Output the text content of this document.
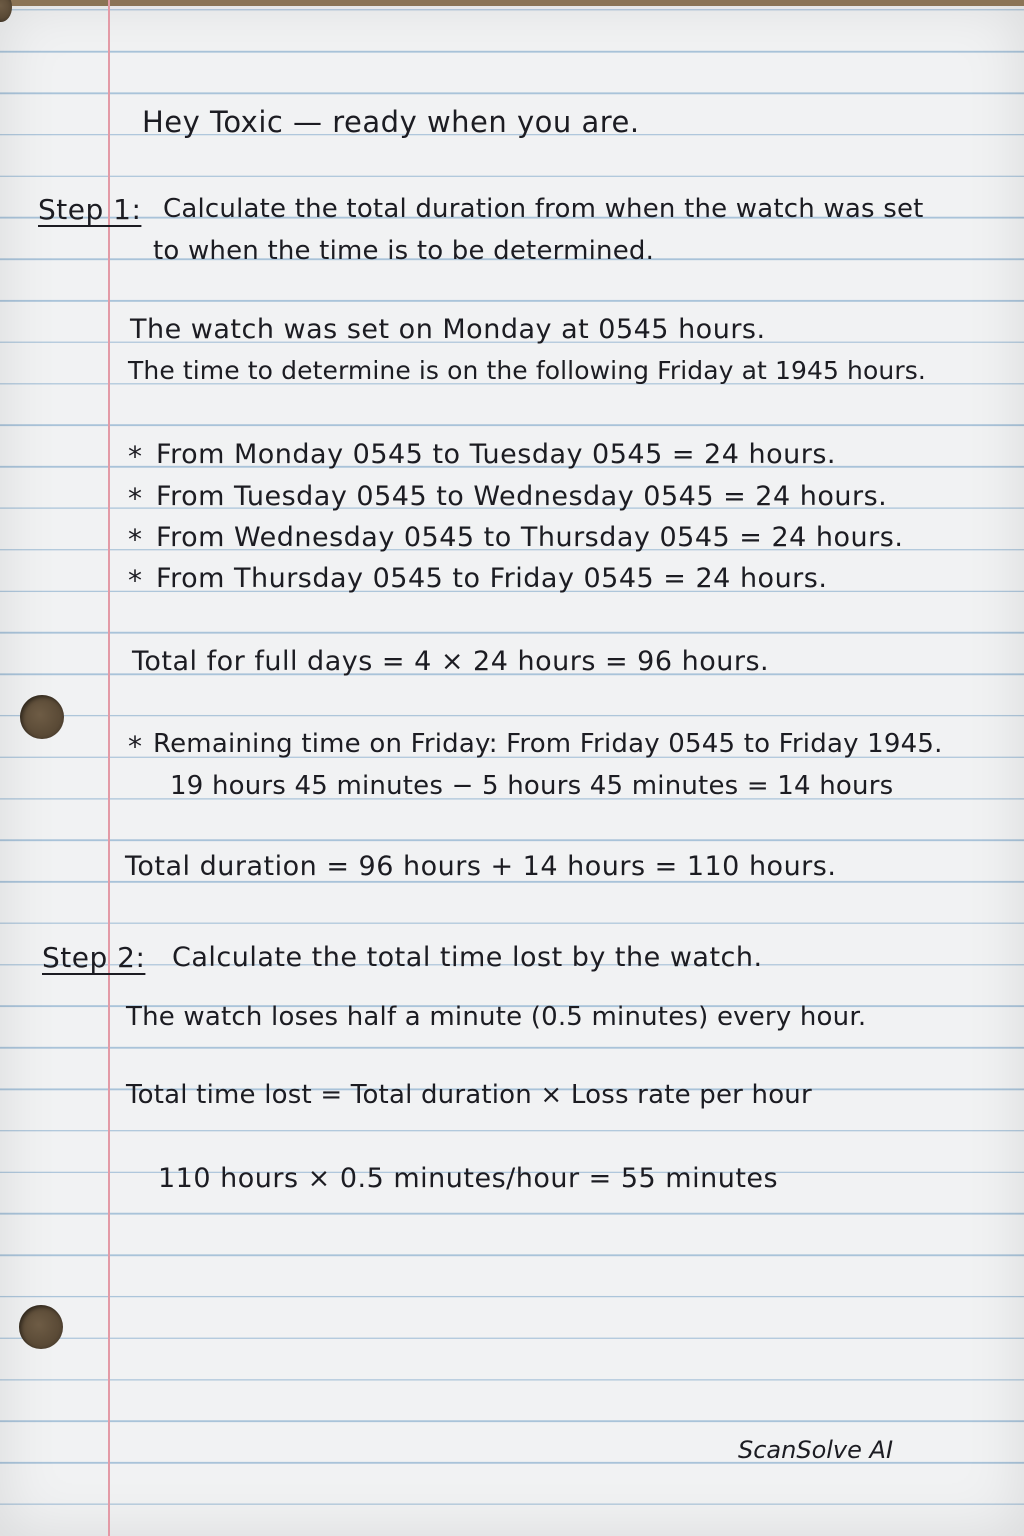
Hey Toxic — ready when you are.
Step 1: Calculate the total duration from when the watch was set
to when the time is to be determined.
The watch was set on Monday at 0545 hours.
The time to determine is on the following Friday at 1945 hours.
* From Monday 0545 to Tuesday 0545 = 24 hours.
* From Tuesday 0545 to Wednesday 0545 = 24 hours.
* From Wednesday 0545 to Thursday 0545 = 24 hours.
* From Thursday 0545 to Friday 0545 = 24 hours.
Total for full days = 4 × 24 hours = 96 hours.
* Remaining time on Friday: From Friday 0545 to Friday 1945.
19 hours 45 minutes − 5 hours 45 minutes = 14 hours
Total duration = 96 hours + 14 hours = 110 hours.
Step 2: Calculate the total time lost by the watch.
The watch loses half a minute (0.5 minutes) every hour.
Total time lost = Total duration × Loss rate per hour
110 hours × 0.5 minutes/hour = 55 minutes
ScanSolve AI
